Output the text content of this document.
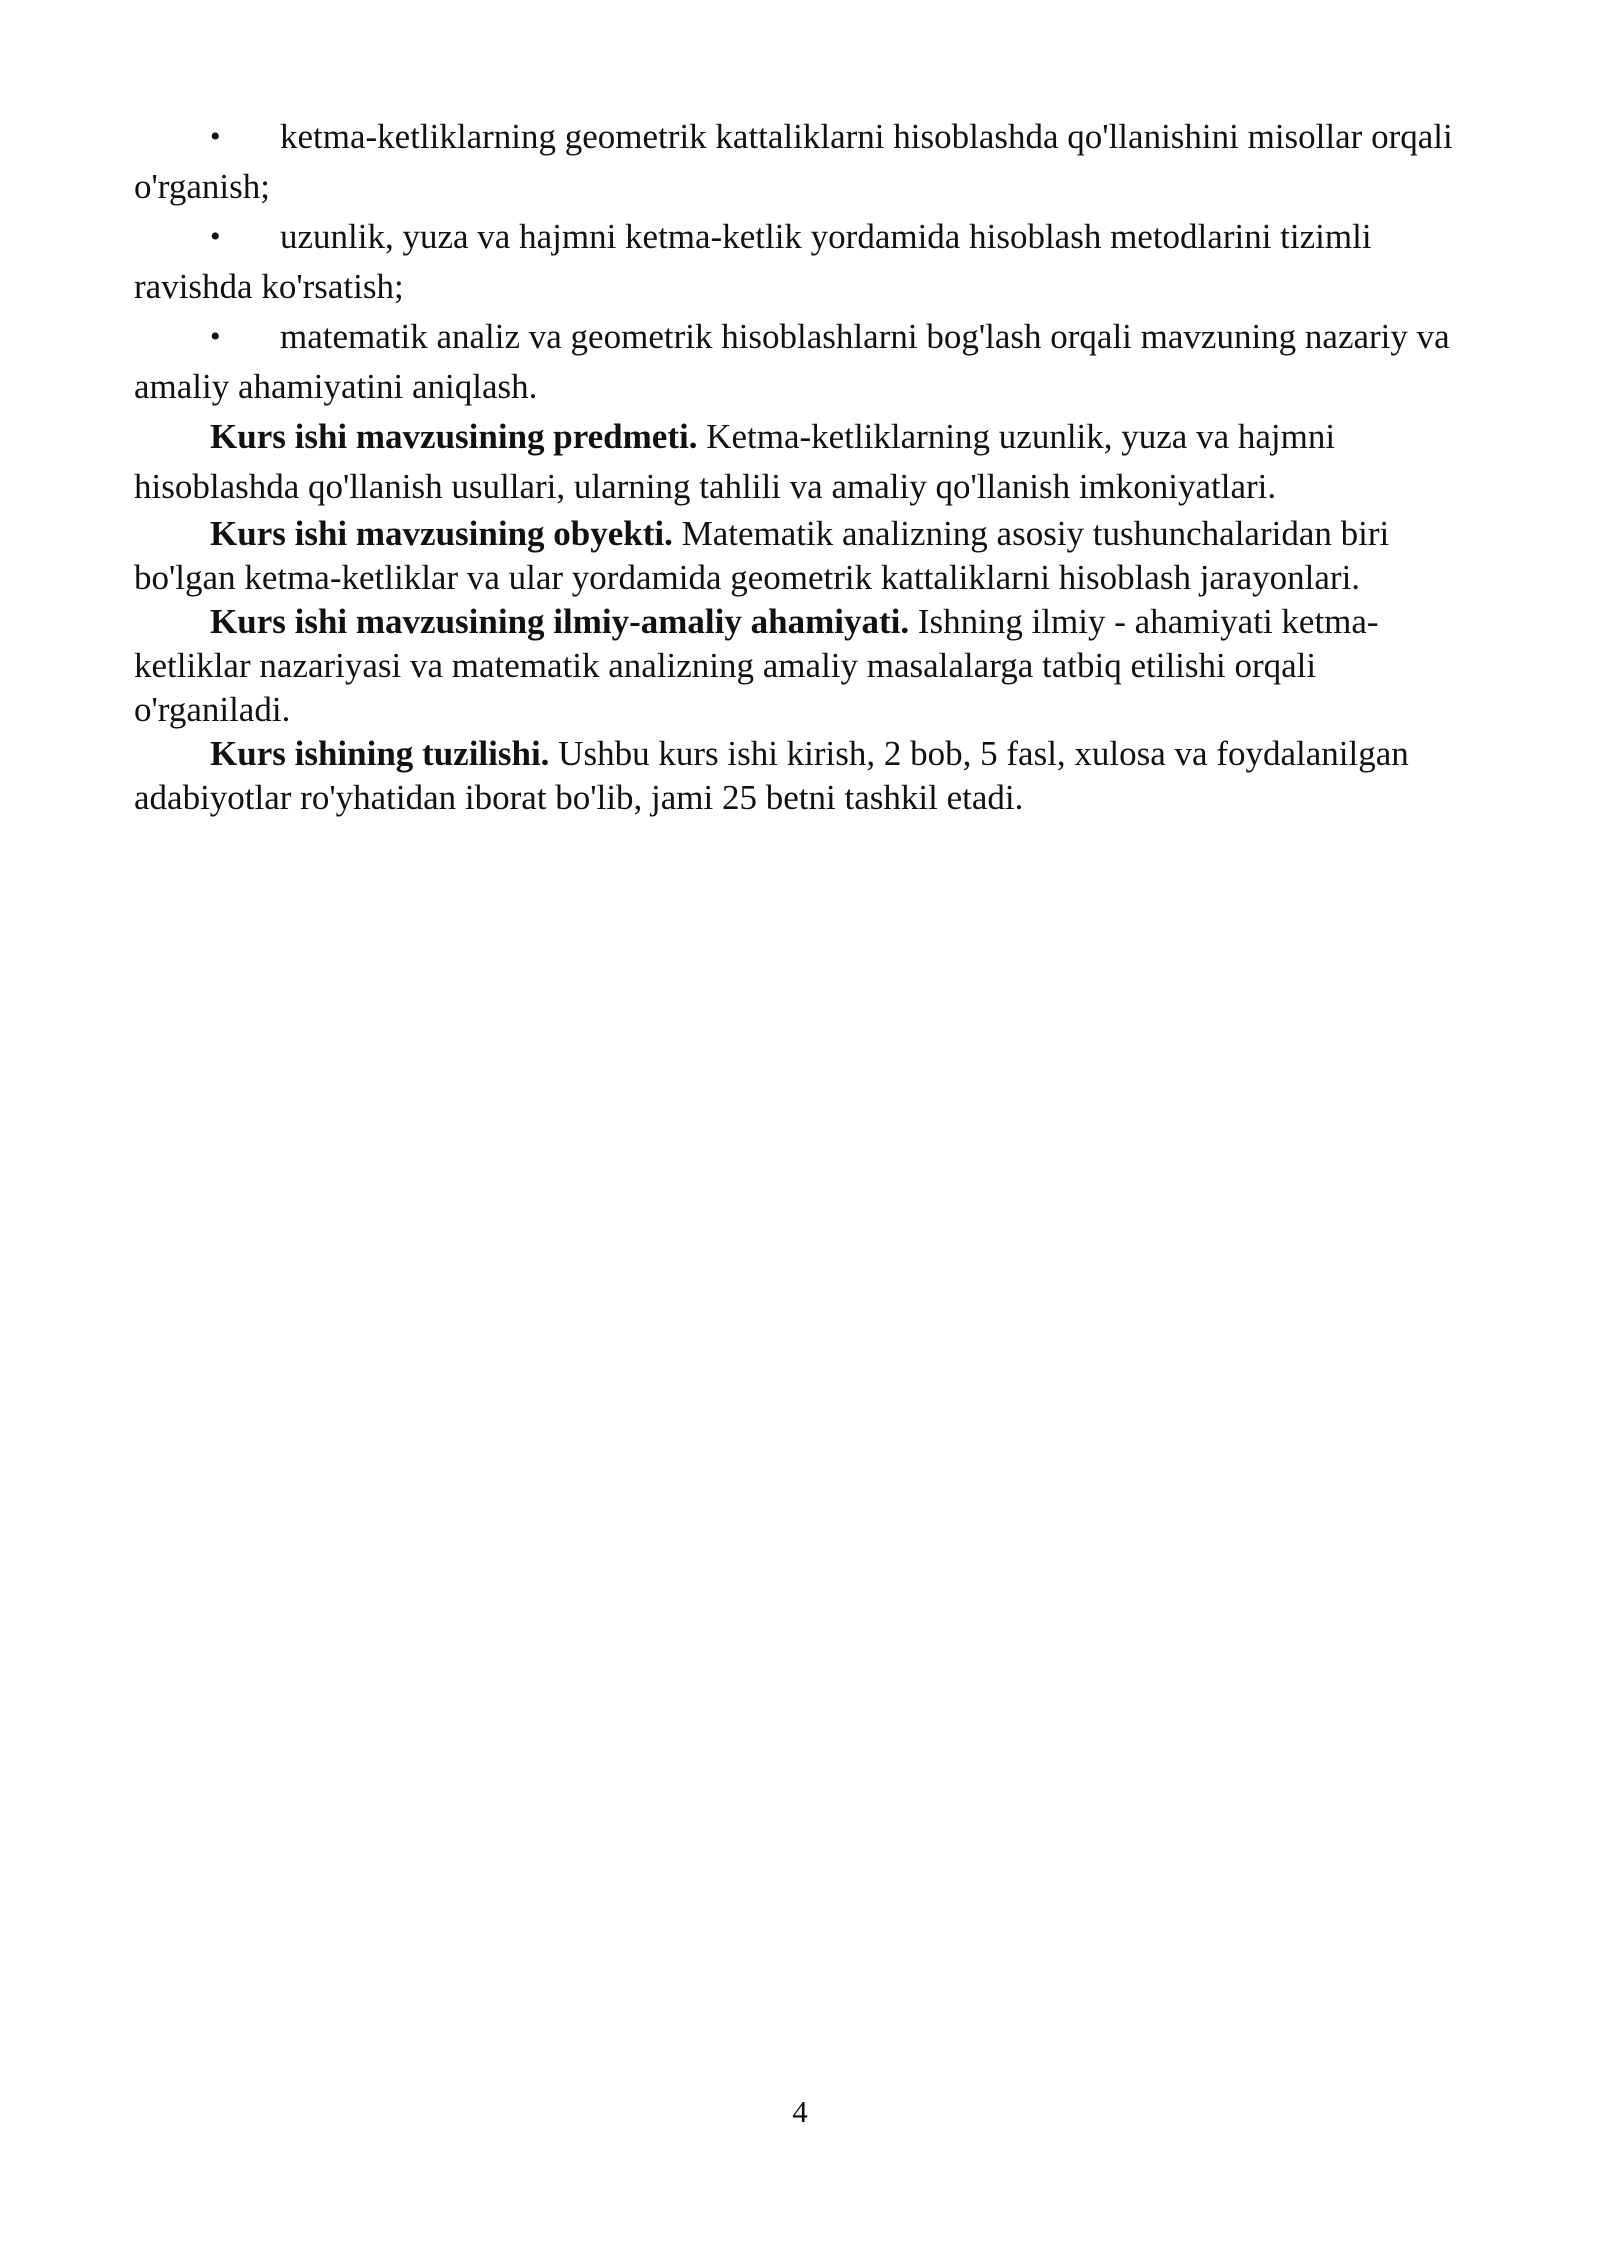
• ketma-ketliklarning geometrik kattaliklarni hisoblashda qo'llanishini misollar orqali o'rganish;

• uzunlik, yuza va hajmni ketma-ketlik yordamida hisoblash metodlarini tizimli ravishda ko'rsatish;

• matematik analiz va geometrik hisoblashlarni bog'lash orqali mavzuning nazariy va amaliy ahamiyatini aniqlash.

Kurs ishi mavzusining predmeti. Ketma-ketliklarning uzunlik, yuza va hajmni hisoblashda qo'llanish usullari, ularning tahlili va amaliy qo'llanish imkoniyatlari.

Kurs ishi mavzusining obyekti. Matematik analizning asosiy tushunchalaridan biri bo'lgan ketma-ketliklar va ular yordamida geometrik kattaliklarni hisoblash jarayonlari.

Kurs ishi mavzusining ilmiy-amaliy ahamiyati. Ishning ilmiy - ahamiyati ketma-ketliklar nazariyasi va matematik analizning amaliy masalalarga tatbiq etilishi orqali o'rganiladi.

Kurs ishining tuzilishi. Ushbu kurs ishi kirish, 2 bob, 5 fasl, xulosa va foydalanilgan adabiyotlar ro'yhatidan iborat bo'lib, jami 25 betni tashkil etadi.

4
